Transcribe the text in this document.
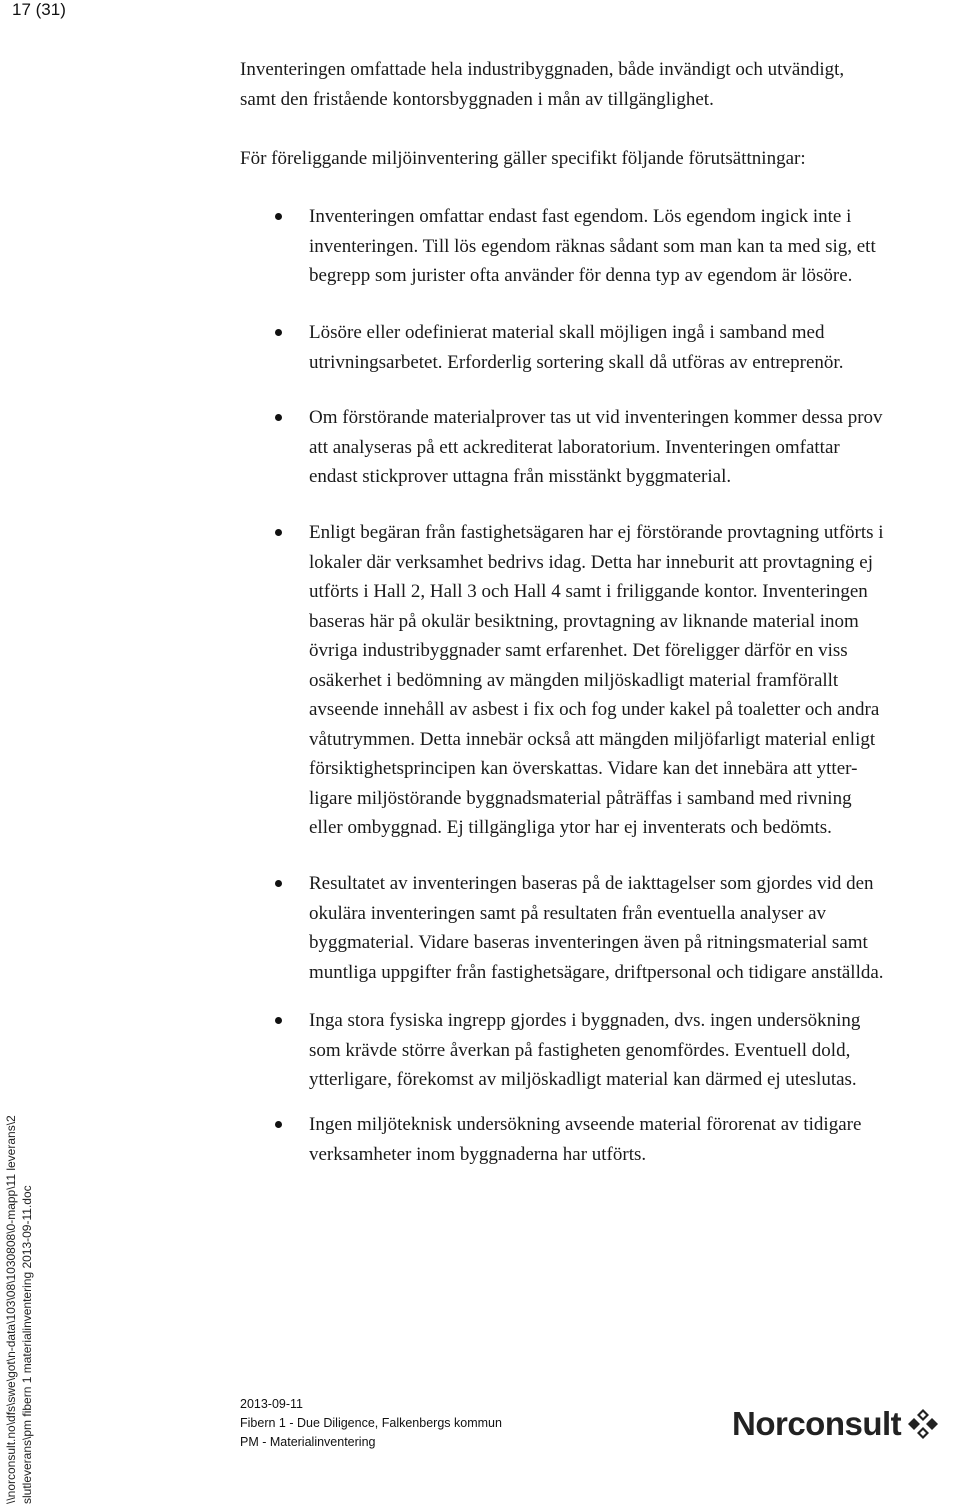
17 (31)
Inventeringen omfattade hela industribyggnaden, både invändigt och utvändigt,
samt den fristående kontorsbyggnaden i mån av tillgänglighet.
För föreliggande miljöinventering gäller specifikt följande förutsättningar:
Inventeringen omfattar endast fast egendom. Lös egendom ingick inte i
inventeringen. Till lös egendom räknas sådant som man kan ta med sig, ett
begrepp som jurister ofta använder för denna typ av egendom är lösöre.
Lösöre eller odefinierat material skall möjligen ingå i samband med
utrivningsarbetet. Erforderlig sortering skall då utföras av entreprenör.
Om förstörande materialprover tas ut vid inventeringen kommer dessa prov
att analyseras på ett ackrediterat laboratorium. Inventeringen omfattar
endast stickprover uttagna från misstänkt byggmaterial.
Enligt begäran från fastighetsägaren har ej förstörande provtagning utförts i
lokaler där verksamhet bedrivs idag. Detta har inneburit att provtagning ej
utförts i Hall 2, Hall 3 och Hall 4 samt i friliggande kontor. Inventeringen
baseras här på okulär besiktning, provtagning av liknande material inom
övriga industribyggnader samt erfarenhet. Det föreligger därför en viss
osäkerhet i bedömning av mängden miljöskadligt material framförallt
avseende innehåll av asbest i fix och fog under kakel på toaletter och andra
våtutrymmen. Detta innebär också att mängden miljöfarligt material enligt
försiktighetsprincipen kan överskattas. Vidare kan det innebära att ytter-
ligare miljöstörande byggnadsmaterial påträffas i samband med rivning
eller ombyggnad. Ej tillgängliga ytor har ej inventerats och bedömts.
Resultatet av inventeringen baseras på de iakttagelser som gjordes vid den
okulära inventeringen samt på resultaten från eventuella analyser av
byggmaterial. Vidare baseras inventeringen även på ritningsmaterial samt
muntliga uppgifter från fastighetsägare, driftpersonal och tidigare anställda.
Inga stora fysiska ingrepp gjordes i byggnaden, dvs. ingen undersökning
som krävde större åverkan på fastigheten genomfördes. Eventuell dold,
ytterligare, förekomst av miljöskadligt material kan därmed ej uteslutas.
Ingen miljöteknisk undersökning avseende material förorenat av tidigare
verksamheter inom byggnaderna har utförts.
\\norconsult.no\dfs\swe\got\n-data\103\08\1030808\0-mapp\11 leverans\2 slutleverans\pm fibern 1 materialinventering 2013-09-11.doc	2013-09-11
Fibern 1 - Due Diligence, Falkenbergs kommun
PM - Materialinventering	Norconsult
